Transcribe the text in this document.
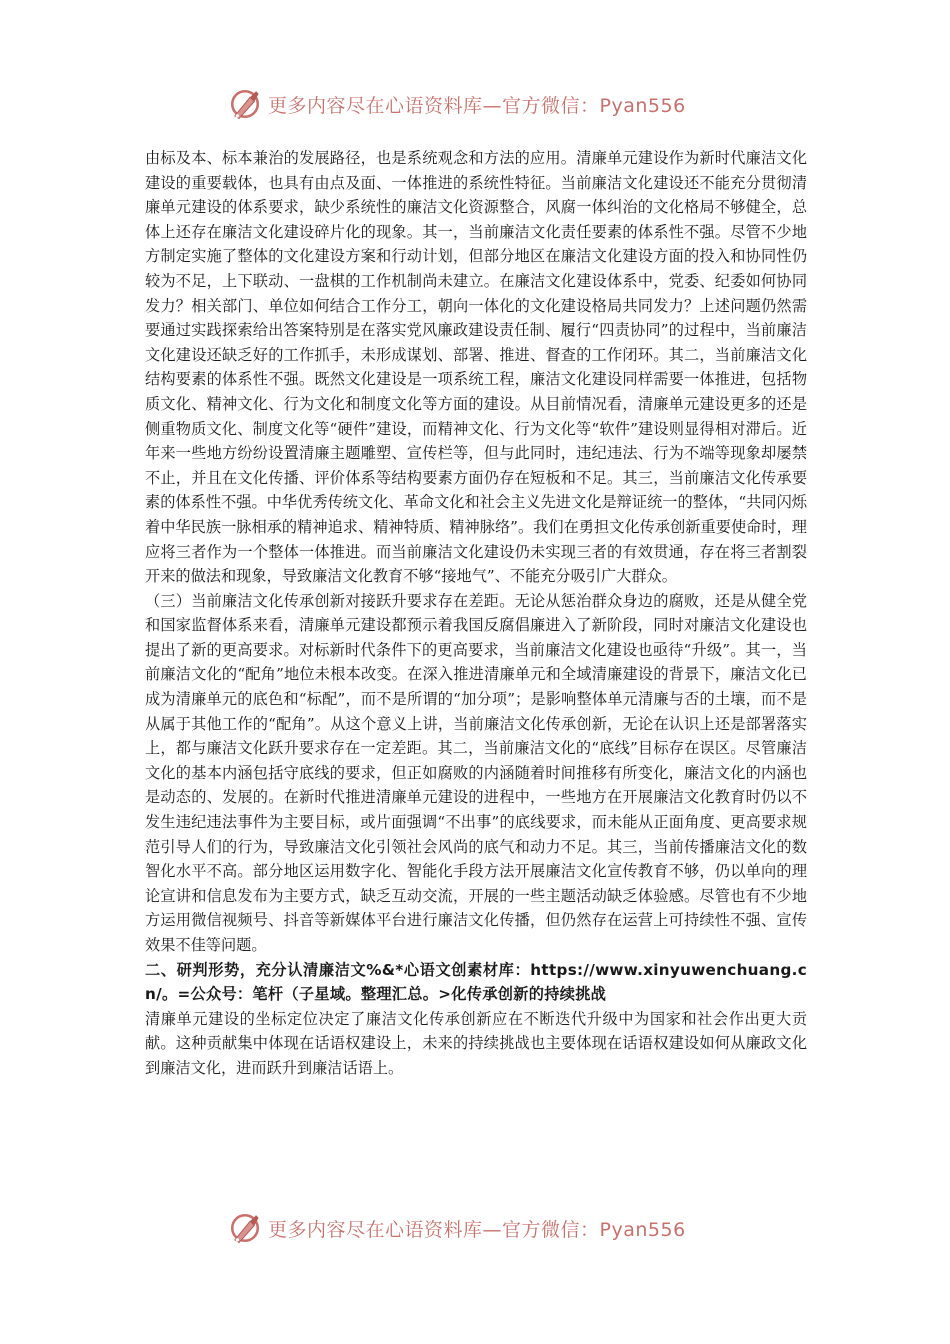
更多内容尽在心语资料库—官方微信：Pyan556

由标及本、标本兼治的发展路径，也是系统观念和方法的应用。清廉单元建设作为新时代廉洁文化建设的重要载体，也具有由点及面、一体推进的系统性特征。当前廉洁文化建设还不能充分贯彻清廉单元建设的体系要求，缺少系统性的廉洁文化资源整合，风腐一体纠治的文化格局不够健全，总体上还存在廉洁文化建设碎片化的现象。其一，当前廉洁文化责任要素的体系性不强。尽管不少地方制定实施了整体的文化建设方案和行动计划，但部分地区在廉洁文化建设方面的投入和协同性仍较为不足，上下联动、一盘棋的工作机制尚未建立。在廉洁文化建设体系中，党委、纪委如何协同发力？相关部门、单位如何结合工作分工，朝向一体化的文化建设格局共同发力？上述问题仍然需要通过实践探索给出答案特别是在落实党风廉政建设责任制、履行“四责协同”的过程中，当前廉洁文化建设还缺乏好的工作抓手，未形成谋划、部署、推进、督查的工作闭环。其二，当前廉洁文化结构要素的体系性不强。既然文化建设是一项系统工程，廉洁文化建设同样需要一体推进，包括物质文化、精神文化、行为文化和制度文化等方面的建设。从目前情况看，清廉单元建设更多的还是侧重物质文化、制度文化等“硬件”建设，而精神文化、行为文化等“软件”建设则显得相对滞后。近年来一些地方纷纷设置清廉主题雕塑、宣传栏等，但与此同时，违纪违法、行为不端等现象却屡禁不止，并且在文化传播、评价体系等结构要素方面仍存在短板和不足。其三，当前廉洁文化传承要素的体系性不强。中华优秀传统文化、革命文化和社会主义先进文化是辩证统一的整体，“共同闪烁着中华民族一脉相承的精神追求、精神特质、精神脉络”。我们在勇担文化传承创新重要使命时，理应将三者作为一个整体一体推进。而当前廉洁文化建设仍未实现三者的有效贯通，存在将三者割裂开来的做法和现象，导致廉洁文化教育不够“接地气”、不能充分吸引广大群众。

（三）当前廉洁文化传承创新对接跃升要求存在差距。无论从惩治群众身边的腐败，还是从健全党和国家监督体系来看，清廉单元建设都预示着我国反腐倡廉进入了新阶段，同时对廉洁文化建设也提出了新的更高要求。对标新时代条件下的更高要求，当前廉洁文化建设也亟待“升级”。其一，当前廉洁文化的“配角”地位未根本改变。在深入推进清廉单元和全域清廉建设的背景下，廉洁文化已成为清廉单元的底色和“标配”，而不是所谓的“加分项”；是影响整体单元清廉与否的土壤，而不是从属于其他工作的“配角”。从这个意义上讲，当前廉洁文化传承创新，无论在认识上还是部署落实上，都与廉洁文化跃升要求存在一定差距。其二，当前廉洁文化的“底线”目标存在误区。尽管廉洁文化的基本内涵包括守底线的要求，但正如腐败的内涵随着时间推移有所变化，廉洁文化的内涵也是动态的、发展的。在新时代推进清廉单元建设的进程中，一些地方在开展廉洁文化教育时仍以不发生违纪违法事件为主要目标，或片面强调“不出事”的底线要求，而未能从正面角度、更高要求规范引导人们的行为，导致廉洁文化引领社会风尚的底气和动力不足。其三，当前传播廉洁文化的数智化水平不高。部分地区运用数字化、智能化手段方法开展廉洁文化宣传教育不够，仍以单向的理论宣讲和信息发布为主要方式，缺乏互动交流，开展的一些主题活动缺乏体验感。尽管也有不少地方运用微信视频号、抖音等新媒体平台进行廉洁文化传播，但仍然存在运营上可持续性不强、宣传效果不佳等问题。

二、研判形势，充分认清廉洁文%&*心语文创素材库：https://www.xinyuwenchuang.cn/。=公众号：笔杆（子星域。整理汇总。>化传承创新的持续挑战

清廉单元建设的坐标定位决定了廉洁文化传承创新应在不断迭代升级中为国家和社会作出更大贡献。这种贡献集中体现在话语权建设上，未来的持续挑战也主要体现在话语权建设如何从廉政文化到廉洁文化，进而跃升到廉洁话语上。

更多内容尽在心语资料库—官方微信：Pyan556
